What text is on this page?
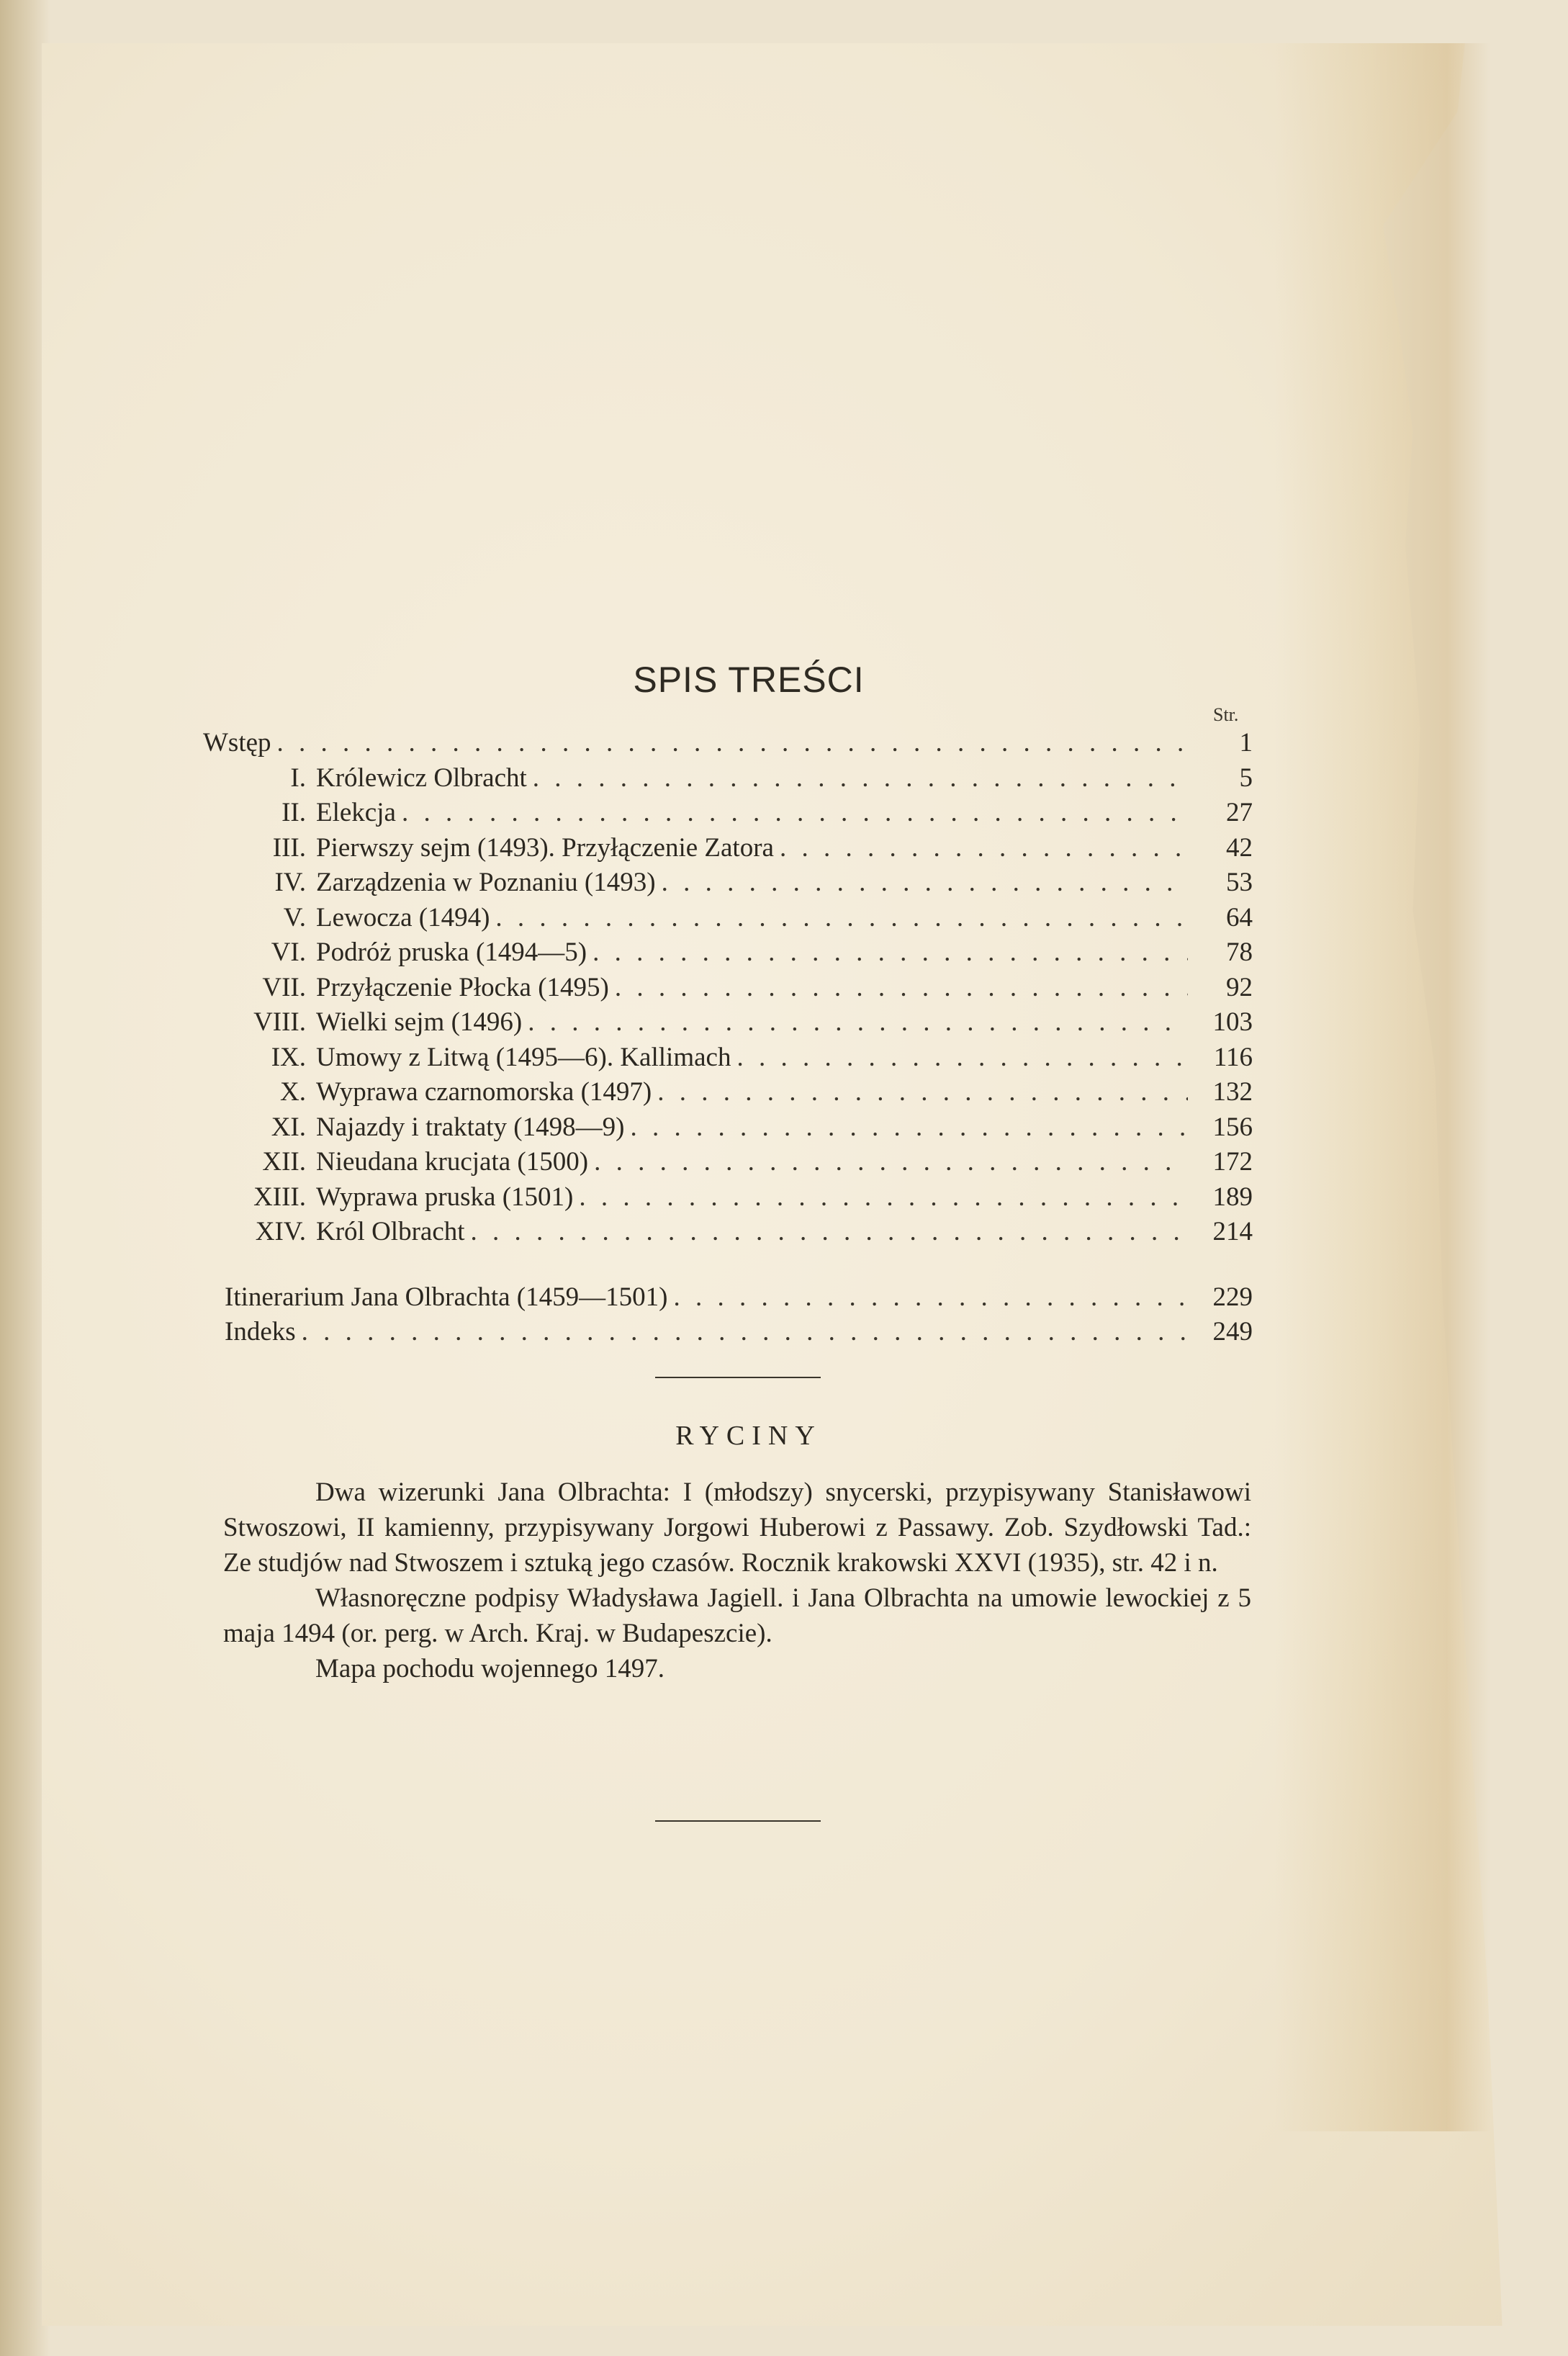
SPIS TREŚCI
Str.
Wstęp . . .	1
I. Królewicz Olbracht . . .	5
II. Elekcja . . .	27
III. Pierwszy sejm (1493). Przyłączenie Zatora . . .	42
IV. Zarządzenia w Poznaniu (1493) . . .	53
V. Lewocza (1494) . . .	64
VI. Podróż pruska (1494—5) . . .	78
VII. Przyłączenie Płocka (1495) . . .	92
VIII. Wielki sejm (1496) . . .	103
IX. Umowy z Litwą (1495—6). Kallimach . . .	116
X. Wyprawa czarnomorska (1497) . . .	132
XI. Najazdy i traktaty (1498—9) . . .	156
XII. Nieudana krucjata (1500) . . .	172
XIII. Wyprawa pruska (1501) . . .	189
XIV. Król Olbracht . . .	214
Itinerarium Jana Olbrachta (1459—1501) . . .	229
Indeks . . .	249
RYCINY

Dwa wizerunki Jana Olbrachta: I (młodszy) snycerski, przypisywany Stanisławowi Stwoszowi, II kamienny, przypisywany Jorgowi Huberowi z Passawy. Zob. Szydłowski Tad.: Ze studjów nad Stwoszem i sztuką jego czasów. Rocznik krakowski XXVI (1935), str. 42 i n.

Własnoręczne podpisy Władysława Jagiell. i Jana Olbrachta na umowie lewockiej z 5 maja 1494 (or. perg. w Arch. Kraj. w Budapeszcie).

Mapa pochodu wojennego 1497.
